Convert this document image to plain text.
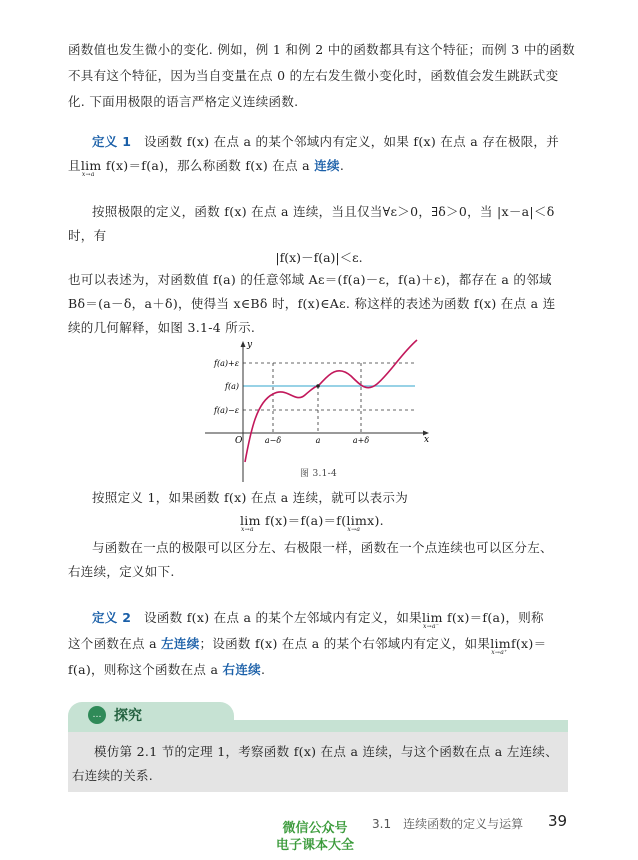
函数值也发生微小的变化. 例如，例 1 和例 2 中的函数都具有这个特征；而例 3 中的函数
不具有这个特征，因为当自变量在点 0 的左右发生微小变化时，函数值会发生跳跃式变
化. 下面用极限的语言严格定义连续函数.
定义 1 设函数 f(x) 在点 a 的某个邻域内有定义，如果 f(x) 在点 a 存在极限，并
且lim
x→a
f(x)＝f(a)，那么称函数 f(x) 在点 a 连续.
按照极限的定义，函数 f(x) 在点 a 连续，当且仅当∀ε＞0，∃δ＞0，当 |x－a|＜δ
时，有
|f(x)－f(a)|＜ε.
也可以表述为，对函数值 f(a) 的任意邻域 Aε＝(f(a)－ε，f(a)＋ε)，都存在 a 的邻域
Bδ＝(a－δ，a＋δ)，使得当 x∈Bδ 时，f(x)∈Aε. 称这样的表述为函数 f(x) 在点 a 连
续的几何解释，如图 3.1-4 所示.
y
x
O
f(a)+ε
f(a)
f(a)−ε
a−δ	a	a+δ
图 3.1-4
按照定义 1，如果函数 f(x) 在点 a 连续，就可以表示为
lim
x→a
f(x)＝f(a)＝f(lim
x→a
x).
与函数在一点的极限可以区分左、右极限一样，函数在一个点连续也可以区分左、
右连续，定义如下.
定义 2 设函数 f(x) 在点 a 的某个左邻域内有定义，如果lim
x→a⁻
f(x)＝f(a)，则称
这个函数在点 a 左连续；设函数 f(x) 在点 a 的某个右邻域内有定义，如果lim
x→a⁺
f(x)＝
f(a)，则称这个函数在点 a 右连续.
… 探究
模仿第 2.1 节的定理 1，考察函数 f(x) 在点 a 连续，与这个函数在点 a 左连续、
右连续的关系.
3.1　连续函数的定义与运算 39
微信公众号
电子课本大全
